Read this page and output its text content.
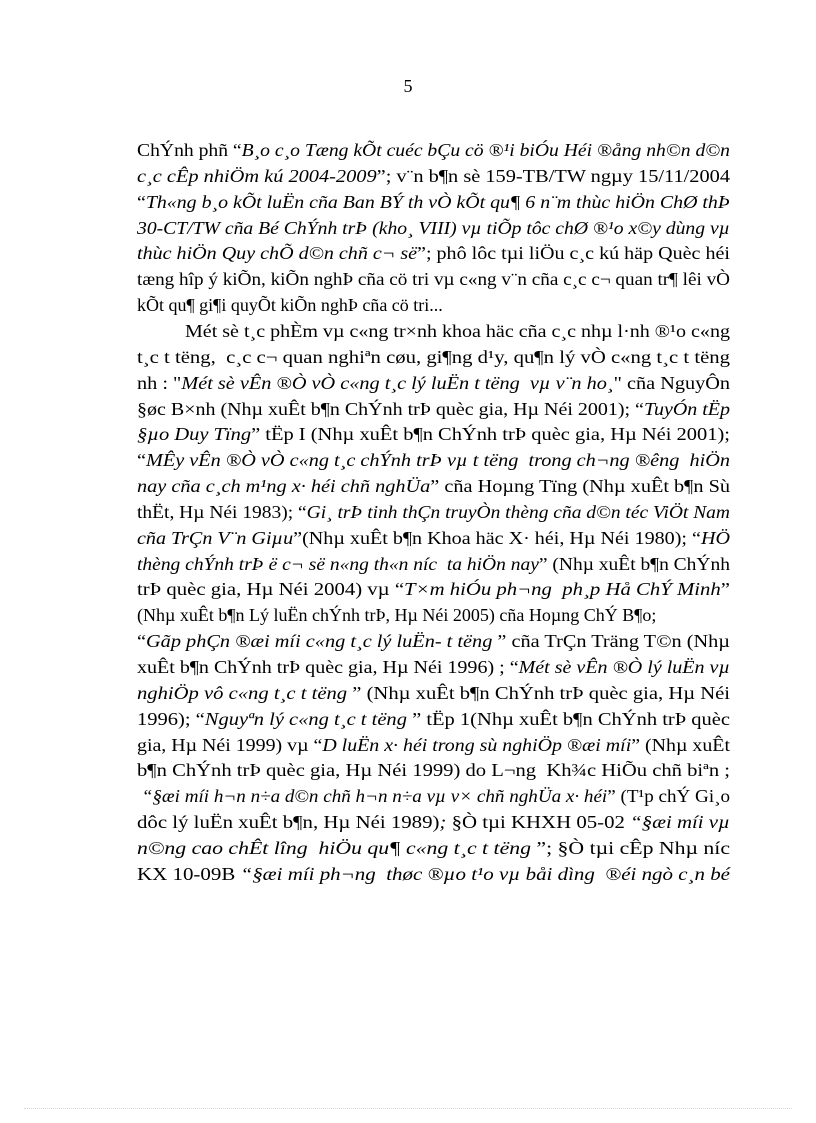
5
ChÝnh phñ “B¸o c¸o Tæng kÕt cuéc bÇu cö ®¹i biÓu Héi ®ång nh©n d©n
c¸c cÊp nhiÖm kú 2004-2009”; v¨n b¶n sè 159-TB/TW ngµy 15/11/2004
“Th«ng b¸o kÕt luËn cña Ban BÝ th vÒ kÕt qu¶ 6 n¨m thùc hiÖn ChØ thÞ
30-CT/TW cña Bé ChÝnh trÞ (kho¸ VIII) vµ tiÕp tôc chØ ®¹o x©y dùng vµ
thùc hiÖn Quy chÕ d©n chñ c¬ së”; phô lôc tµi liÖu c¸c kú häp Quèc héi
tæng hîp ý kiÕn, kiÕn nghÞ cña cö tri vµ c«ng v¨n cña c¸c c¬ quan tr¶ lêi vÒ
kÕt qu¶ gi¶i quyÕt kiÕn nghÞ cña cö tri...
Mét sè t¸c phÈm vµ c«ng tr×nh khoa häc cña c¸c nhµ l·nh ®¹o c«ng
t¸c t tëng,  c¸c c¬ quan nghiªn cøu, gi¶ng d¹y, qu¶n lý vÒ c«ng t¸c t tëng
nh : "Mét sè vÊn ®Ò vÒ c«ng t¸c lý luËn t tëng  vµ v¨n ho¸" cña NguyÔn
§øc B×nh (Nhµ xuÊt b¶n ChÝnh trÞ quèc gia, Hµ Néi 2001); “TuyÓn tËp
§µo Duy Tïng” tËp I (Nhµ xuÊt b¶n ChÝnh trÞ quèc gia, Hµ Néi 2001);
“MÊy vÊn ®Ò vÒ c«ng t¸c chÝnh trÞ vµ t tëng  trong ch¬ng ®êng  hiÖn
nay cña c¸ch m¹ng x· héi chñ nghÜa” cña Hoµng Tïng (Nhµ xuÊt b¶n Sù
thËt, Hµ Néi 1983); “Gi¸ trÞ tinh thÇn truyÒn thèng cña d©n téc ViÖt Nam
cña TrÇn V¨n Giµu”(Nhµ xuÊt b¶n Khoa häc X· héi, Hµ Néi 1980); “HÖ
thèng chÝnh trÞ ë c¬ së n«ng th«n níc  ta hiÖn nay” (Nhµ xuÊt b¶n ChÝnh
trÞ quèc gia, Hµ Néi 2004) vµ “T×m hiÓu ph¬ng  ph¸p Hå ChÝ Minh”
(Nhµ xuÊt b¶n Lý luËn chÝnh trÞ, Hµ Néi 2005) cña Hoµng ChÝ B¶o;
“Gãp phÇn ®æi míi c«ng t¸c lý luËn- t tëng ” cña TrÇn Träng T©n (Nhµ
xuÊt b¶n ChÝnh trÞ quèc gia, Hµ Néi 1996) ; “Mét sè vÊn ®Ò lý luËn vµ
nghiÖp vô c«ng t¸c t tëng ” (Nhµ xuÊt b¶n ChÝnh trÞ quèc gia, Hµ Néi
1996); “Nguyªn lý c«ng t¸c t tëng ” tËp 1(Nhµ xuÊt b¶n ChÝnh trÞ quèc
gia, Hµ Néi 1999) vµ “D luËn x· héi trong sù nghiÖp ®æi míi” (Nhµ xuÊt
b¶n ChÝnh trÞ quèc gia, Hµ Néi 1999) do L¬ng  Kh¾c HiÕu chñ biªn ;
“§æi míi h¬n n÷a d©n chñ h¬n n÷a vµ v× chñ nghÜa x· héi” (T¹p chÝ Gi¸o
dôc lý luËn xuÊt b¶n, Hµ Néi 1989); §Ò tµi KHXH 05-02 “§æi míi vµ
n©ng cao chÊt lîng  hiÖu qu¶ c«ng t¸c t tëng ”; §Ò tµi cÊp Nhµ níc
KX 10-09B “§æi míi ph¬ng  thøc ®µo t¹o vµ båi dìng  ®éi ngò c¸n bé
